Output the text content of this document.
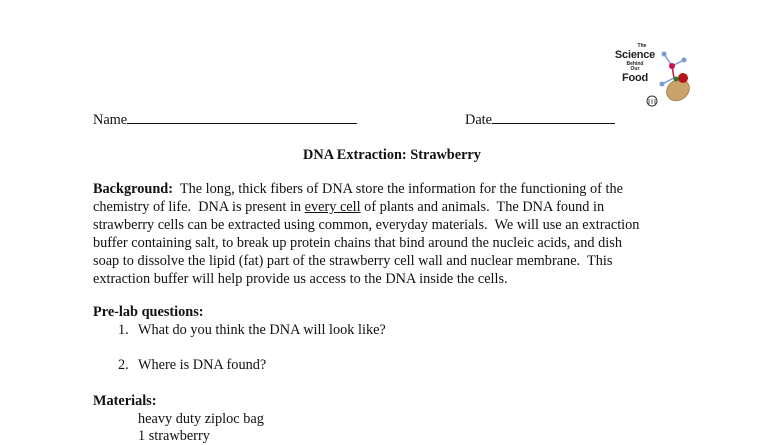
The
Science
Behind
Our
Food
Name	Date
DNA Extraction: Strawberry
Background:  The long, thick fibers of DNA store the information for the functioning of the
chemistry of life.  DNA is present in every cell of plants and animals.  The DNA found in
strawberry cells can be extracted using common, everyday materials.  We will use an extraction
buffer containing salt, to break up protein chains that bind around the nucleic acids, and dish
soap to dissolve the lipid (fat) part of the strawberry cell wall and nuclear membrane.  This
extraction buffer will help provide us access to the DNA inside the cells.
Pre-lab questions:
1. What do you think the DNA will look like?
2. Where is DNA found?
Materials:
heavy duty ziploc bag
1 strawberry
